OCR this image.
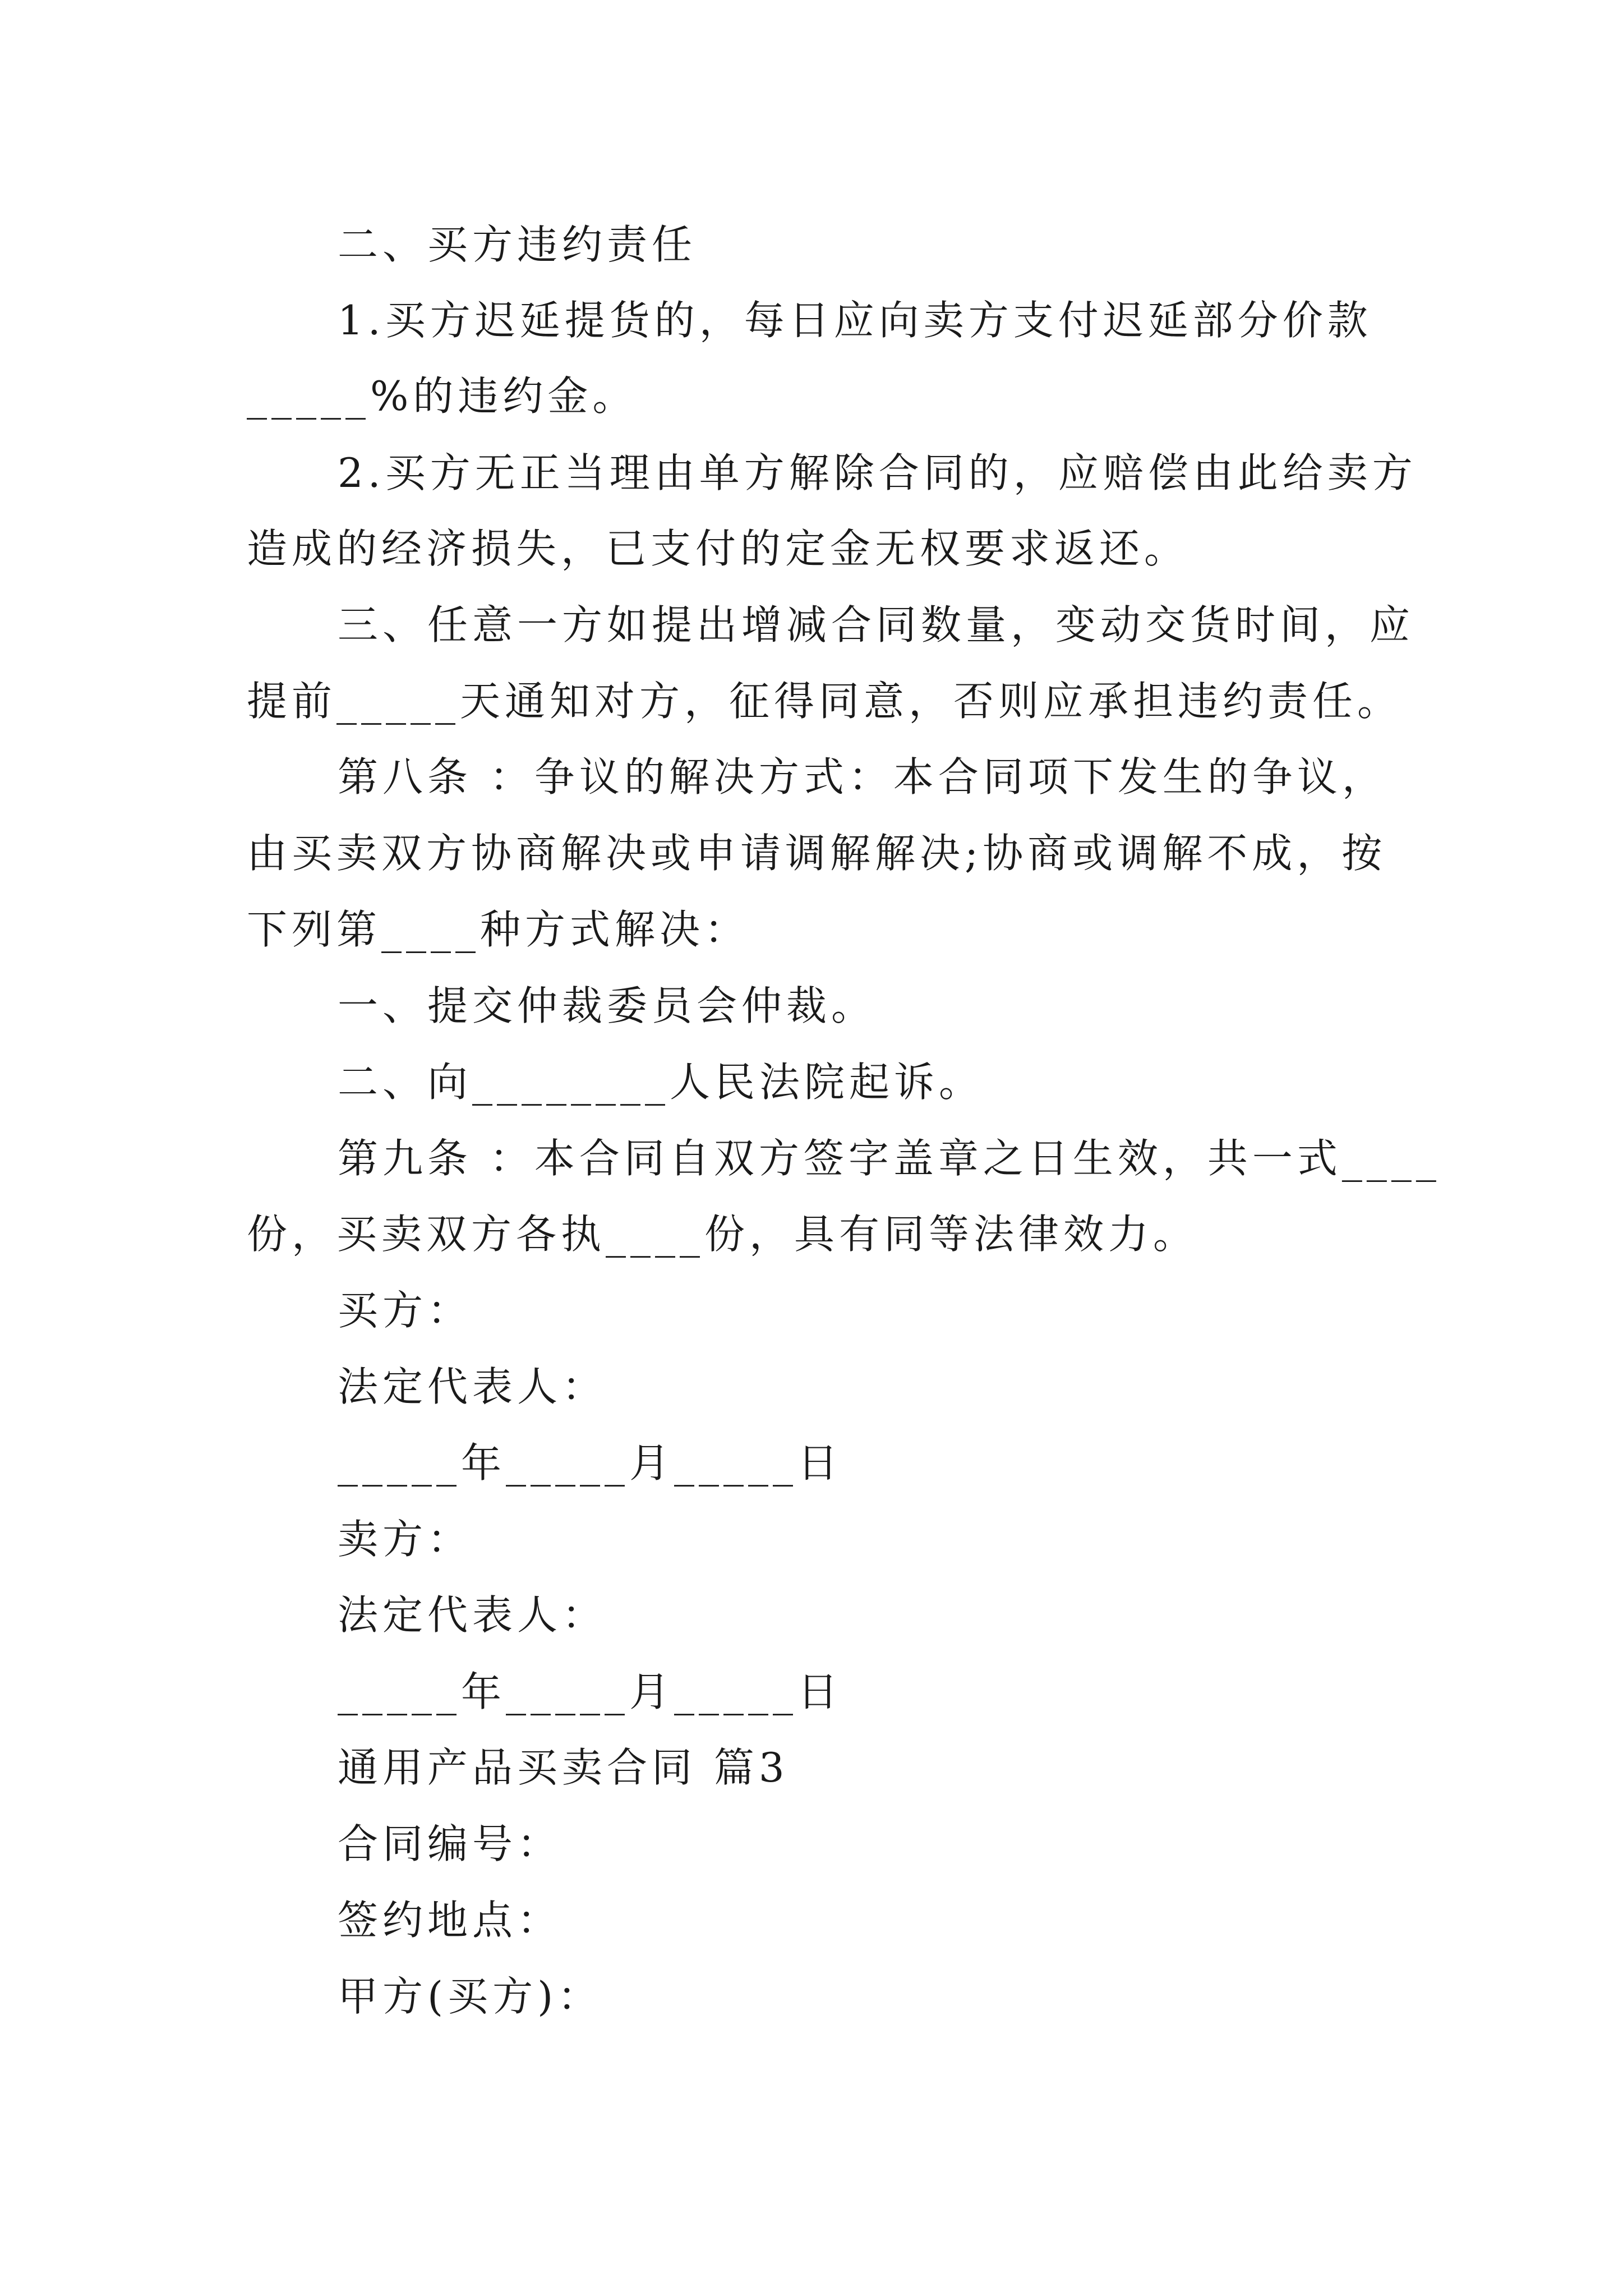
二、买方违约责任

1.买方迟延提货的，每日应向卖方支付迟延部分价款

_____%的违约金。

2.买方无正当理由单方解除合同的，应赔偿由此给卖方

造成的经济损失，已支付的定金无权要求返还。

三、任意一方如提出增减合同数量，变动交货时间，应

提前_____天通知对方，征得同意，否则应承担违约责任。

第八条 ：争议的解决方式：本合同项下发生的争议，

由买卖双方协商解决或申请调解解决;协商或调解不成，按

下列第____种方式解决：

一、提交仲裁委员会仲裁。

二、向________人民法院起诉。

第九条 ：本合同自双方签字盖章之日生效，共一式____

份，买卖双方各执____份，具有同等法律效力。

买方：

法定代表人：

_____年_____月_____日

卖方：

法定代表人：

_____年_____月_____日

通用产品买卖合同 篇3

合同编号：

签约地点：

甲方(买方)：
